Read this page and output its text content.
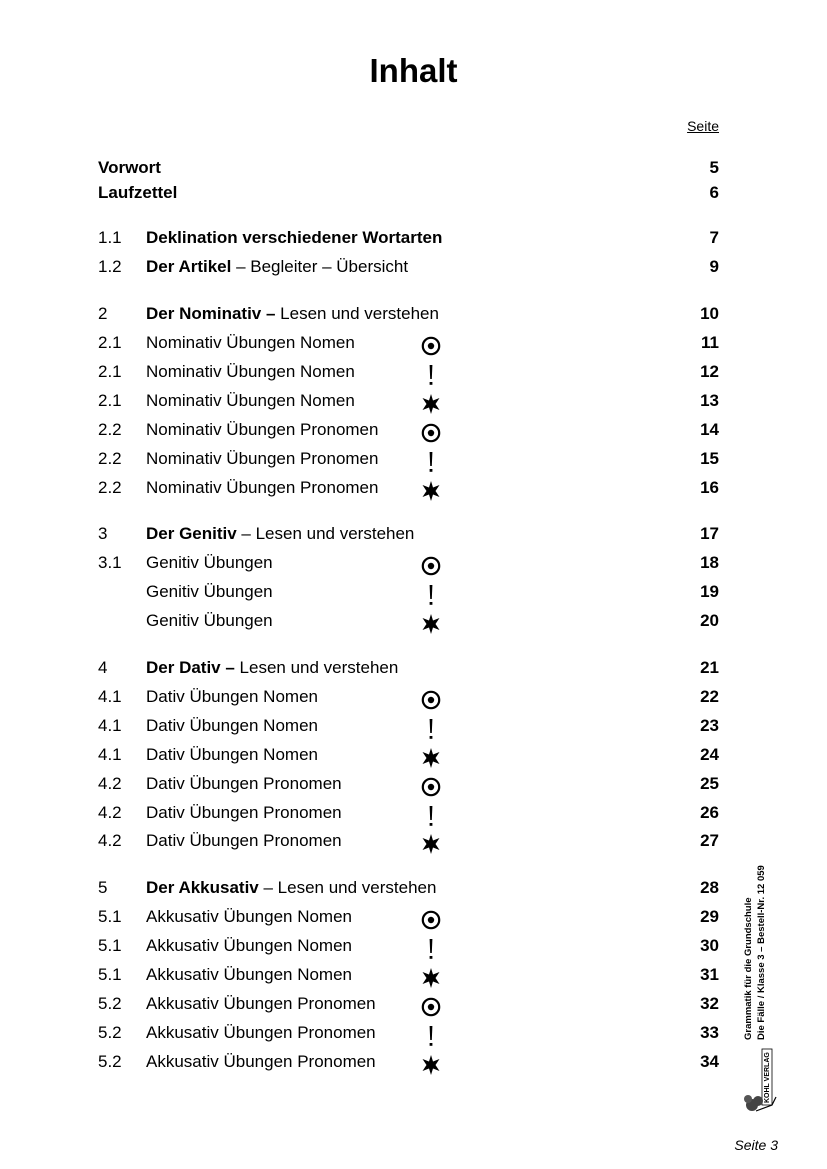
Inhalt
Seite
Vorwort	5
Laufzettel	6
1.1 Deklination verschiedener Wortarten	7
1.2 Der Artikel – Begleiter – Übersicht	9
2 Der Nominativ – Lesen und verstehen	10
2.1 Nominativ Übungen Nomen	11
2.1 Nominativ Übungen Nomen	12
2.1 Nominativ Übungen Nomen	13
2.2 Nominativ Übungen Pronomen	14
2.2 Nominativ Übungen Pronomen	15
2.2 Nominativ Übungen Pronomen	16
3 Der Genitiv – Lesen und verstehen	17
3.1 Genitiv Übungen	18
Genitiv Übungen	19
Genitiv Übungen	20
4 Der Dativ – Lesen und verstehen	21
4.1 Dativ Übungen Nomen	22
4.1 Dativ Übungen Nomen	23
4.1 Dativ Übungen Nomen	24
4.2 Dativ Übungen Pronomen	25
4.2 Dativ Übungen Pronomen	26
4.2 Dativ Übungen Pronomen	27
5 Der Akkusativ – Lesen und verstehen	28
5.1 Akkusativ Übungen Nomen	29
5.1 Akkusativ Übungen Nomen	30
5.1 Akkusativ Übungen Nomen	31
5.2 Akkusativ Übungen Pronomen	32
5.2 Akkusativ Übungen Pronomen	33
5.2 Akkusativ Übungen Pronomen	34
Grammatik für die Grundschule Die Fälle / Klasse 3 – Bestell-Nr. 12 059
KOHL VERLAG
Seite 3
